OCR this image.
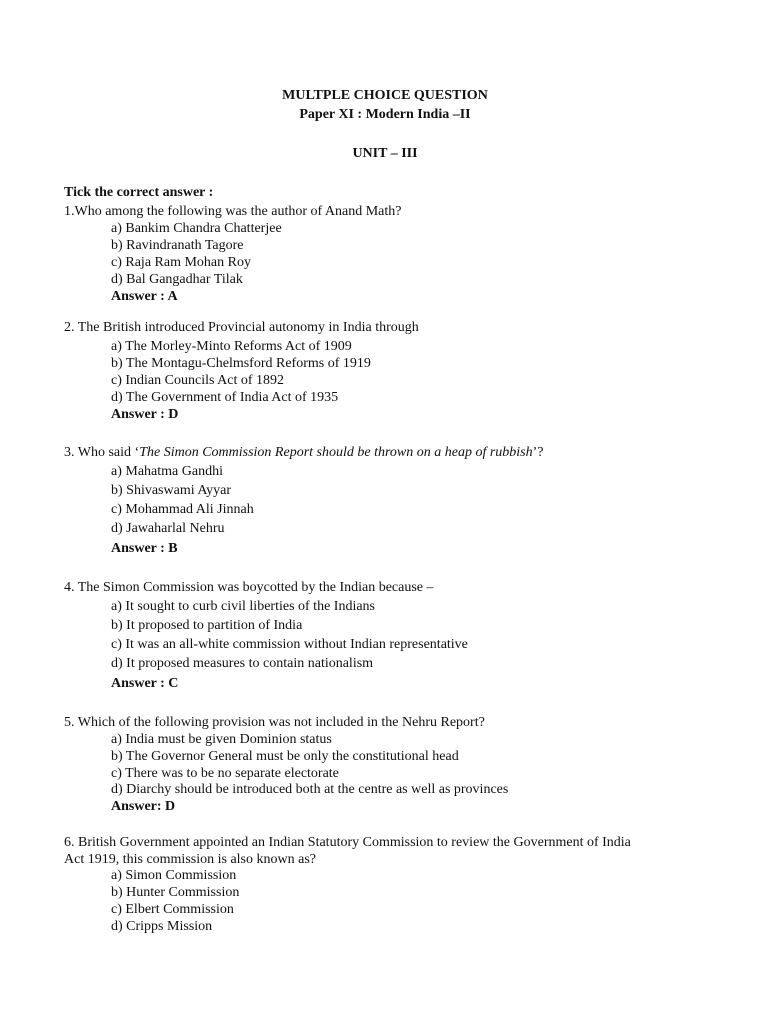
MULTPLE CHOICE QUESTION
Paper XI : Modern India –II
UNIT – III
Tick the correct answer :
1.Who among the following was the author of Anand Math?
a) Bankim Chandra Chatterjee
b) Ravindranath Tagore
c) Raja Ram Mohan Roy
d) Bal Gangadhar Tilak
Answer : A
2. The British introduced Provincial autonomy in India through
a) The Morley-Minto Reforms Act of 1909
b) The Montagu-Chelmsford Reforms of 1919
c) Indian Councils Act of 1892
d) The Government of India Act of 1935
Answer : D
3. Who said ‘The Simon Commission Report should be thrown on a heap of rubbish’?
a) Mahatma Gandhi
b) Shivaswami Ayyar
c) Mohammad Ali Jinnah
d) Jawaharlal Nehru
Answer : B
4. The Simon Commission was boycotted by the Indian because –
a) It sought to curb civil liberties of the Indians
b) It proposed to partition of India
c) It was an all-white commission without Indian representative
d) It proposed measures to contain nationalism
Answer : C
5. Which of the following provision was not included in the Nehru Report?
a) India must be given Dominion status
b) The Governor General must be only the constitutional head
c) There was to be no separate electorate
d) Diarchy should be introduced both at the centre as well as provinces
Answer: D
6. British Government appointed an Indian Statutory Commission to review the Government of India
Act 1919, this commission is also known as?
a) Simon Commission
b) Hunter Commission
c) Elbert Commission
d) Cripps Mission
